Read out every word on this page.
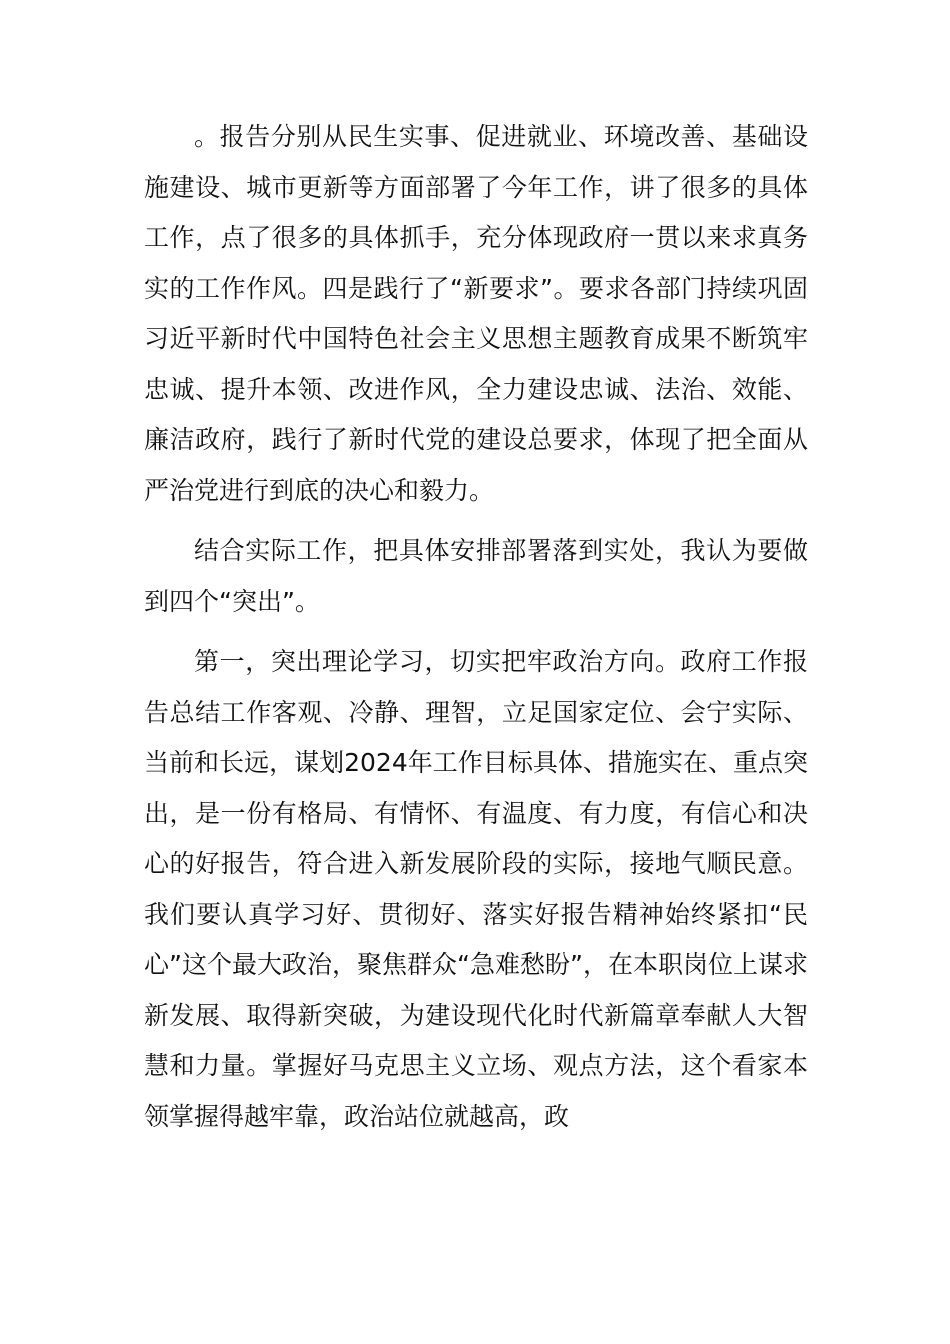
。报告分别从民生实事、促进就业、环境改善、基础设施建设、城市更新等方面部署了今年工作，讲了很多的具体工作，点了很多的具体抓手，充分体现政府一贯以来求真务实的工作作风。四是践行了“新要求”。要求各部门持续巩固习近平新时代中国特色社会主义思想主题教育成果不断筑牢忠诚、提升本领、改进作风，全力建设忠诚、法治、效能、廉洁政府，践行了新时代党的建设总要求，体现了把全面从严治党进行到底的决心和毅力。

结合实际工作，把具体安排部署落到实处，我认为要做到四个“突出”。

第一，突出理论学习，切实把牢政治方向。政府工作报告总结工作客观、冷静、理智，立足国家定位、会宁实际、当前和长远，谋划2024年工作目标具体、措施实在、重点突出，是一份有格局、有情怀、有温度、有力度，有信心和决心的好报告，符合进入新发展阶段的实际，接地气顺民意。我们要认真学习好、贯彻好、落实好报告精神始终紧扣“民心”这个最大政治，聚焦群众“急难愁盼”，在本职岗位上谋求新发展、取得新突破，为建设现代化时代新篇章奉献人大智慧和力量。掌握好马克思主义立场、观点方法，这个看家本领掌握得越牢靠，政治站位就越高，政
